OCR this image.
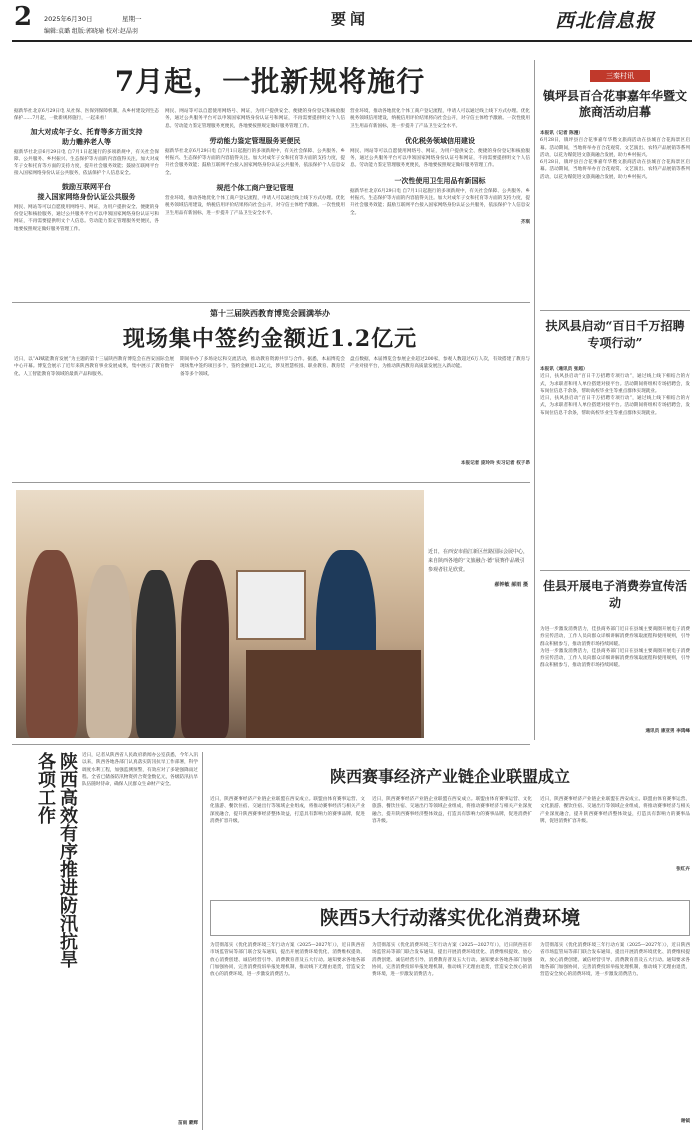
2	2025年6月30日	星期一
编辑:袁璐 组版:郭晓瑜 校对:赵晶羽
要闻	西北信息报
7月起，一批新规将施行
据新华社北京6月29日电 从社保、医保到保障机制，从乡村建设到生态保护……7月起，一批新规将施行，一起来看！
加大对成年子女、托育等多方面支持
助力赡养老人等
据新华社北京6月29日电 自7月1日起施行的多项新规中，有关社会保障、公共服务、乡村振兴、生态保护等方面的内容值得关注。加大对成年子女和托育等方面的支持力度，提升社会服务效能；鼓励互联网平台接入国家网络身份认证公共服务，依法保护个人信息安全。
鼓励互联网平台
接入国家网络身份认证公共服务
网民、网站等可以自愿使用网络号、网证，为用户提供安全、便捷的身份登记和核验服务，通过公共服务平台可以申领国家网络身份认证号和网证，不再需要提供明文个人信息。劳动能力鉴定管理服务更便民，各地要按照规定做好服务管理工作。
网民、网站等可以自愿使用网络号、网证，为用户提供安全、便捷的身份登记和核验服务，通过公共服务平台可以申领国家网络身份认证号和网证，不再需要提供明文个人信息。劳动能力鉴定管理服务更便民，各地要按照规定做好服务管理工作。
劳动能力鉴定管理服务更便民
据新华社北京6月29日电 自7月1日起施行的多项新规中，有关社会保障、公共服务、乡村振兴、生态保护等方面的内容值得关注。加大对成年子女和托育等方面的支持力度，提升社会服务效能；鼓励互联网平台接入国家网络身份认证公共服务，依法保护个人信息安全。
规范个体工商户登记管理
营业环境，推动各地优化个体工商户登记流程，申请人可以通过线上线下方式办理。优化税务领域信用建设，纳税信用评价结果将向社会公开，对守信主体给予激励。一次性使用卫生用品有新国标，进一步提升了产品卫生安全水平。
营业环境，推动各地优化个体工商户登记流程，申请人可以通过线上线下方式办理。优化税务领域信用建设，纳税信用评价结果将向社会公开，对守信主体给予激励。一次性使用卫生用品有新国标，进一步提升了产品卫生安全水平。
优化税务领域信用建设
网民、网站等可以自愿使用网络号、网证，为用户提供安全、便捷的身份登记和核验服务，通过公共服务平台可以申领国家网络身份认证号和网证，不再需要提供明文个人信息。劳动能力鉴定管理服务更便民，各地要按照规定做好服务管理工作。
一次性使用卫生用品有新国标
据新华社北京6月29日电 自7月1日起施行的多项新规中，有关社会保障、公共服务、乡村振兴、生态保护等方面的内容值得关注。加大对成年子女和托育等方面的支持力度，提升社会服务效能；鼓励互联网平台接入国家网络身份认证公共服务，依法保护个人信息安全。
齐琪
第十三届陕西教育博览会圆满举办
现场集中签约金额近1.2亿元
近日，以“AI赋能教育发展”为主题的第十三届陕西教育博览会在西安国际会展中心开幕。博览会展示了近年来陕西教育事业发展成果，集中展示了教育数字化、人工智能教育等领域的最新产品和服务。
期间举办了多场论坛和交流活动，推动教育资源共享与合作。据悉，本届博览会现场集中签约项目多个，签约金额近1.2亿元，涉及智慧校园、职业教育、教育装备等多个领域。
盘点数据，本届博览会参展企业超过200家，参观人数超过6万人次，有效搭建了教育与产业对接平台，为推动陕西教育高质量发展注入新动能。
本报记者 庞玲玲 实习记者 权子昂
近日，在西安市曲江新区丝路国际会展中心，来自陕西各地的“文旅融合·德”展赛作品吸引参观者驻足欣赏。
郝钟敏 郝雨 摄
陕西高效有序推进防汛抗旱各项工作	近日，记者从陕西省人民政府新闻办公室获悉，今年入汛以来，陕西各地各部门认真落实防汛抗旱工作部署，科学调度水利工程，加强监测预警，有效应对了多轮强降雨过程。全省已储备防汛物资折合资金数亿元，各级防汛抗旱队伍随时待命，确保人民群众生命财产安全。
苗雨 蒙辉
陕西赛事经济产业链企业联盟成立
近日，陕西赛事经济产业链企业联盟在西安成立。联盟由体育赛事运营、文化旅游、餐饮住宿、交通出行等领域企业组成，将推动赛事经济与相关产业深度融合，提升陕西赛事经济整体效益，打造具有影响力的赛事品牌，促进消费扩容升级。
近日，陕西赛事经济产业链企业联盟在西安成立。联盟由体育赛事运营、文化旅游、餐饮住宿、交通出行等领域企业组成，将推动赛事经济与相关产业深度融合，提升陕西赛事经济整体效益，打造具有影响力的赛事品牌，促进消费扩容升级。
近日，陕西赛事经济产业链企业联盟在西安成立。联盟由体育赛事运营、文化旅游、餐饮住宿、交通出行等领域企业组成，将推动赛事经济与相关产业深度融合，提升陕西赛事经济整体效益，打造具有影响力的赛事品牌，促进消费扩容升级。
张红卉
陕西5大行动落实优化消费环境
为贯彻落实《优化消费环境三年行动方案（2025—2027年）》，近日陕西省市场监管局等部门联合发布通知，提出开展消费环境优化、消费维权提效、放心消费创建、诚信经营引导、消费教育普及五大行动。通知要求各地各部门加强协同，完善消费投诉举报处理机制，推动线下无理由退货，营造安全放心的消费环境，进一步激发消费活力。
为贯彻落实《优化消费环境三年行动方案（2025—2027年）》，近日陕西省市场监管局等部门联合发布通知，提出开展消费环境优化、消费维权提效、放心消费创建、诚信经营引导、消费教育普及五大行动。通知要求各地各部门加强协同，完善消费投诉举报处理机制，推动线下无理由退货，营造安全放心的消费环境，进一步激发消费活力。
为贯彻落实《优化消费环境三年行动方案（2025—2027年）》，近日陕西省市场监管局等部门联合发布通知，提出开展消费环境优化、消费维权提效、放心消费创建、诚信经营引导、消费教育普及五大行动。通知要求各地各部门加强协同，完善消费投诉举报处理机制，推动线下无理由退货，营造安全放心的消费环境，进一步激发消费活力。
谢钺
三秦村讯
镇坪县百合花事嘉年华暨文旅商活动启幕
本报讯（记者 陈漫）
6月28日，镇坪县百合花事嘉年华暨文旅商活动在县城百合花海景区启幕。活动期间，当地将举办百合花观赏、文艺演出、农特产品展销等系列活动，以花为媒促进文旅商融合发展，助力乡村振兴。
6月28日，镇坪县百合花事嘉年华暨文旅商活动在县城百合花海景区启幕。活动期间，当地将举办百合花观赏、文艺演出、农特产品展销等系列活动，以花为媒促进文旅商融合发展，助力乡村振兴。
扶风县启动“百日千万招聘专项行动”
本报讯（通讯员 张超）
近日，扶风县启动“百日千万招聘专项行动”，通过线上线下相结合的方式，为求职者和用人单位搭建对接平台。活动期间将组织专场招聘会，发布岗位信息千余条，帮助高校毕业生等重点群体实现就业。
近日，扶风县启动“百日千万招聘专项行动”，通过线上线下相结合的方式，为求职者和用人单位搭建对接平台。活动期间将组织专场招聘会，发布岗位信息千余条，帮助高校毕业生等重点群体实现就业。
佳县开展电子消费券宣传活动
为进一步激发消费活力，佳县商务部门近日在县城主要商圈开展电子消费券宣传活动，工作人员向群众详细讲解消费券领取流程和使用规则，引导群众积极参与，推动消费市场持续回暖。
为进一步激发消费活力，佳县商务部门近日在县城主要商圈开展电子消费券宣传活动，工作人员向群众详细讲解消费券领取流程和使用规则，引导群众积极参与，推动消费市场持续回暖。
通讯员 康亚男 李鸿峰
